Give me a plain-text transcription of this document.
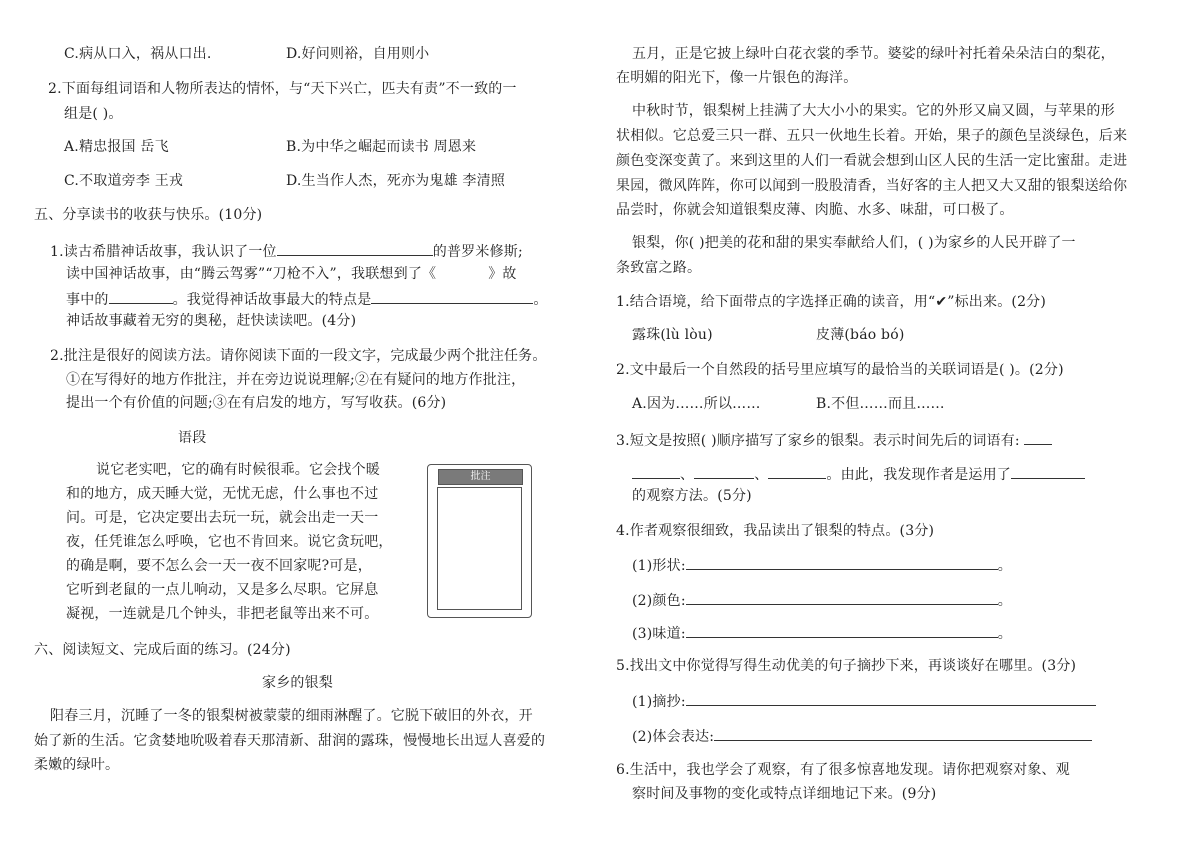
C.病从口入，祸从口出.	D.好问则裕，自用则小
2.下面每组词语和人物所表达的情怀，与“天下兴亡，匹夫有责”不一致的一
组是( )。
A.精忠报国 岳飞	B.为中华之崛起而读书 周恩来
C.不取道旁李 王戎	D.生当作人杰，死亦为鬼雄 李清照
五、分享读书的收获与快乐。(10分)
1.读古希腊神话故事，我认识了一位	的普罗米修斯;
读中国神话故事，由“腾云驾雾”“刀枪不入”，我联想到了《	》故
事中的	。我觉得神话故事最大的特点是	。
神话故事藏着无穷的奥秘，赶快读读吧。(4分)
2.批注是很好的阅读方法。请你阅读下面的一段文字，完成最少两个批注任务。
①在写得好的地方作批注，并在旁边说说理解;②在有疑问的地方作批注，
提出一个有价值的问题;③在有启发的地方，写写收获。(6分)
语段
说它老实吧，它的确有时候很乖。它会找个暖
和的地方，成天睡大觉，无忧无虑，什么事也不过
问。可是，它决定要出去玩一玩，就会出走一天一
夜，任凭谁怎么呼唤，它也不肯回来。说它贪玩吧，
的确是啊，要不怎么会一天一夜不回家呢?可是，
它听到老鼠的一点儿响动，又是多么尽职。它屏息
凝视，一连就是几个钟头，非把老鼠等出来不可。
批注
六、阅读短文、完成后面的练习。(24分)
家乡的银梨
阳春三月，沉睡了一冬的银梨树被蒙蒙的细雨淋醒了。它脱下破旧的外衣，开
始了新的生活。它贪婪地吮吸着春天那清新、甜润的露珠，慢慢地长出逗人喜爱的
柔嫩的绿叶。
五月，正是它披上绿叶白花衣裳的季节。婆娑的绿叶衬托着朵朵洁白的梨花，
在明媚的阳光下，像一片银色的海洋。
中秋时节，银梨树上挂满了大大小小的果实。它的外形又扁又圆，与苹果的形
状相似。它总爱三只一群、五只一伙地生长着。开始，果子的颜色呈淡绿色，后来
颜色变深变黄了。来到这里的人们一看就会想到山区人民的生活一定比蜜甜。走进
果园，微风阵阵，你可以闻到一股股清香，当好客的主人把又大又甜的银梨送给你
品尝时，你就会知道银梨皮薄、肉脆、水多、味甜，可口极了。
银梨，你( )把美的花和甜的果实奉献给人们，( )为家乡的人民开辟了一
条致富之路。
1.结合语境，给下面带点的字选择正确的读音，用“✔”标出来。(2分)
露珠(lù lòu)	皮薄(báo bó)
2.文中最后一个自然段的括号里应填写的最恰当的关联词语是( )。(2分)
A.因为……所以……	B.不但……而且……
3.短文是按照( )顺序描写了家乡的银梨。表示时间先后的词语有:
、	、	。由此，我发现作者是运用了
的观察方法。(5分)
4.作者观察很细致，我品读出了银梨的特点。(3分)
(1)形状:	。
(2)颜色:	。
(3)味道:	。
5.找出文中你觉得写得生动优美的句子摘抄下来，再谈谈好在哪里。(3分)
(1)摘抄:
(2)体会表达:
6.生活中，我也学会了观察，有了很多惊喜地发现。请你把观察对象、观
察时间及事物的变化或特点详细地记下来。(9分)
